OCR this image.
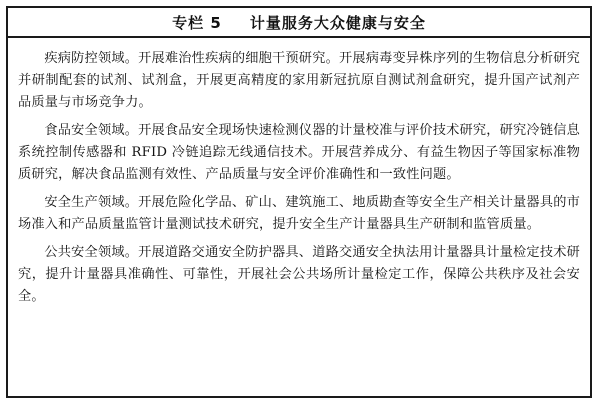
专栏 5 计量服务大众健康与安全

疾病防控领域。开展难治性疾病的细胞干预研究。开展病毒变异株序列的生物信息分析研究并研制配套的试剂、试剂盒，开展更高精度的家用新冠抗原自测试剂盒研究，提升国产试剂产品质量与市场竞争力。

食品安全领域。开展食品安全现场快速检测仪器的计量校准与评价技术研究，研究冷链信息系统控制传感器和 RFID 冷链追踪无线通信技术。开展营养成分、有益生物因子等国家标准物质研究，解决食品监测有效性、产品质量与安全评价准确性和一致性问题。

安全生产领域。开展危险化学品、矿山、建筑施工、地质勘查等安全生产相关计量器具的市场准入和产品质量监管计量测试技术研究，提升安全生产计量器具生产研制和监管质量。

公共安全领域。开展道路交通安全防护器具、道路交通安全执法用计量器具计量检定技术研究，提升计量器具准确性、可靠性，开展社会公共场所计量检定工作，保障公共秩序及社会安全。
